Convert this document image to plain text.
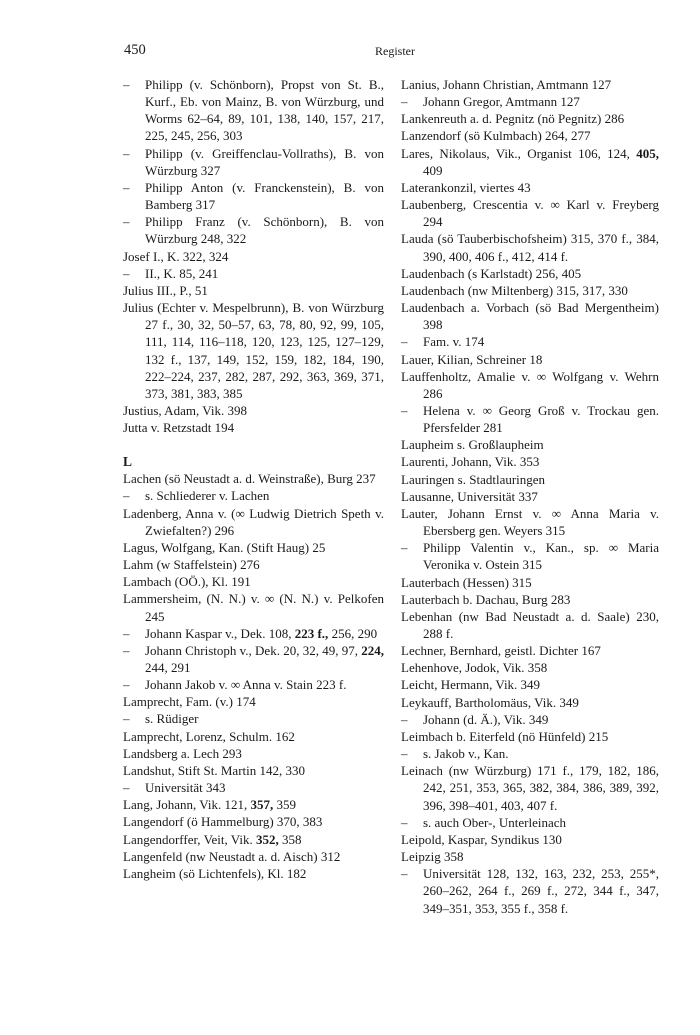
450	Register
– Philipp (v. Schönborn), Propst von St. B., Kurf., Eb. von Mainz, B. von Würzburg, und Worms 62–64, 89, 101, 138, 140, 157, 217, 225, 245, 256, 303
– Philipp (v. Greiffenclau-Vollraths), B. von Würzburg 327
– Philipp Anton (v. Franckenstein), B. von Bamberg 317
– Philipp Franz (v. Schönborn), B. von Würzburg 248, 322
Josef I., K. 322, 324
– II., K. 85, 241
Julius III., P., 51
Julius (Echter v. Mespelbrunn), B. von Würzburg 27 f., 30, 32, 50–57, 63, 78, 80, 92, 99, 105, 111, 114, 116–118, 120, 123, 125, 127–129, 132 f., 137, 149, 152, 159, 182, 184, 190, 222–224, 237, 282, 287, 292, 363, 369, 371, 373, 381, 383, 385
Justius, Adam, Vik. 398
Jutta v. Retzstadt 194
L
Lachen (sö Neustadt a. d. Weinstraße), Burg 237
– s. Schliederer v. Lachen
Ladenberg, Anna v. (∞ Ludwig Dietrich Speth v. Zwiefalten?) 296
Lagus, Wolfgang, Kan. (Stift Haug) 25
Lahm (w Staffelstein) 276
Lambach (OÖ.), Kl. 191
Lammersheim, (N. N.) v. ∞ (N. N.) v. Pelkofen 245
– Johann Kaspar v., Dek. 108, 223 f., 256, 290
– Johann Christoph v., Dek. 20, 32, 49, 97, 224, 244, 291
– Johann Jakob v. ∞ Anna v. Stain 223 f.
Lamprecht, Fam. (v.) 174
– s. Rüdiger
Lamprecht, Lorenz, Schulm. 162
Landsberg a. Lech 293
Landshut, Stift St. Martin 142, 330
– Universität 343
Lang, Johann, Vik. 121, 357, 359
Langendorf (ö Hammelburg) 370, 383
Langendorffer, Veit, Vik. 352, 358
Langenfeld (nw Neustadt a. d. Aisch) 312
Langheim (sö Lichtenfels), Kl. 182
Lanius, Johann Christian, Amtmann 127
– Johann Gregor, Amtmann 127
Lankenreuth a. d. Pegnitz (nö Pegnitz) 286
Lanzendorf (sö Kulmbach) 264, 277
Lares, Nikolaus, Vik., Organist 106, 124, 405, 409
Laterankonzil, viertes 43
Laubenberg, Crescentia v. ∞ Karl v. Freyberg 294
Lauda (sö Tauberbischofsheim) 315, 370 f., 384, 390, 400, 406 f., 412, 414 f.
Laudenbach (s Karlstadt) 256, 405
Laudenbach (nw Miltenberg) 315, 317, 330
Laudenbach a. Vorbach (sö Bad Mergentheim) 398
– Fam. v. 174
Lauer, Kilian, Schreiner 18
Lauffenholtz, Amalie v. ∞ Wolfgang v. Wehrn 286
– Helena v. ∞ Georg Groß v. Trockau gen. Pfersfelder 281
Laupheim s. Großlaupheim
Laurenti, Johann, Vik. 353
Lauringen s. Stadtlauringen
Lausanne, Universität 337
Lauter, Johann Ernst v. ∞ Anna Maria v. Ebersberg gen. Weyers 315
– Philipp Valentin v., Kan., sp. ∞ Maria Veronika v. Ostein 315
Lauterbach (Hessen) 315
Lauterbach b. Dachau, Burg 283
Lebenhan (nw Bad Neustadt a. d. Saale) 230, 288 f.
Lechner, Bernhard, geistl. Dichter 167
Lehenhove, Jodok, Vik. 358
Leicht, Hermann, Vik. 349
Leykauff, Bartholomäus, Vik. 349
– Johann (d. Ä.), Vik. 349
Leimbach b. Eiterfeld (nö Hünfeld) 215
– s. Jakob v., Kan.
Leinach (nw Würzburg) 171 f., 179, 182, 186, 242, 251, 353, 365, 382, 384, 386, 389, 392, 396, 398–401, 403, 407 f.
– s. auch Ober-, Unterleinach
Leipold, Kaspar, Syndikus 130
Leipzig 358
– Universität 128, 132, 163, 232, 253, 255*, 260–262, 264 f., 269 f., 272, 344 f., 347, 349–351, 353, 355 f., 358 f.
